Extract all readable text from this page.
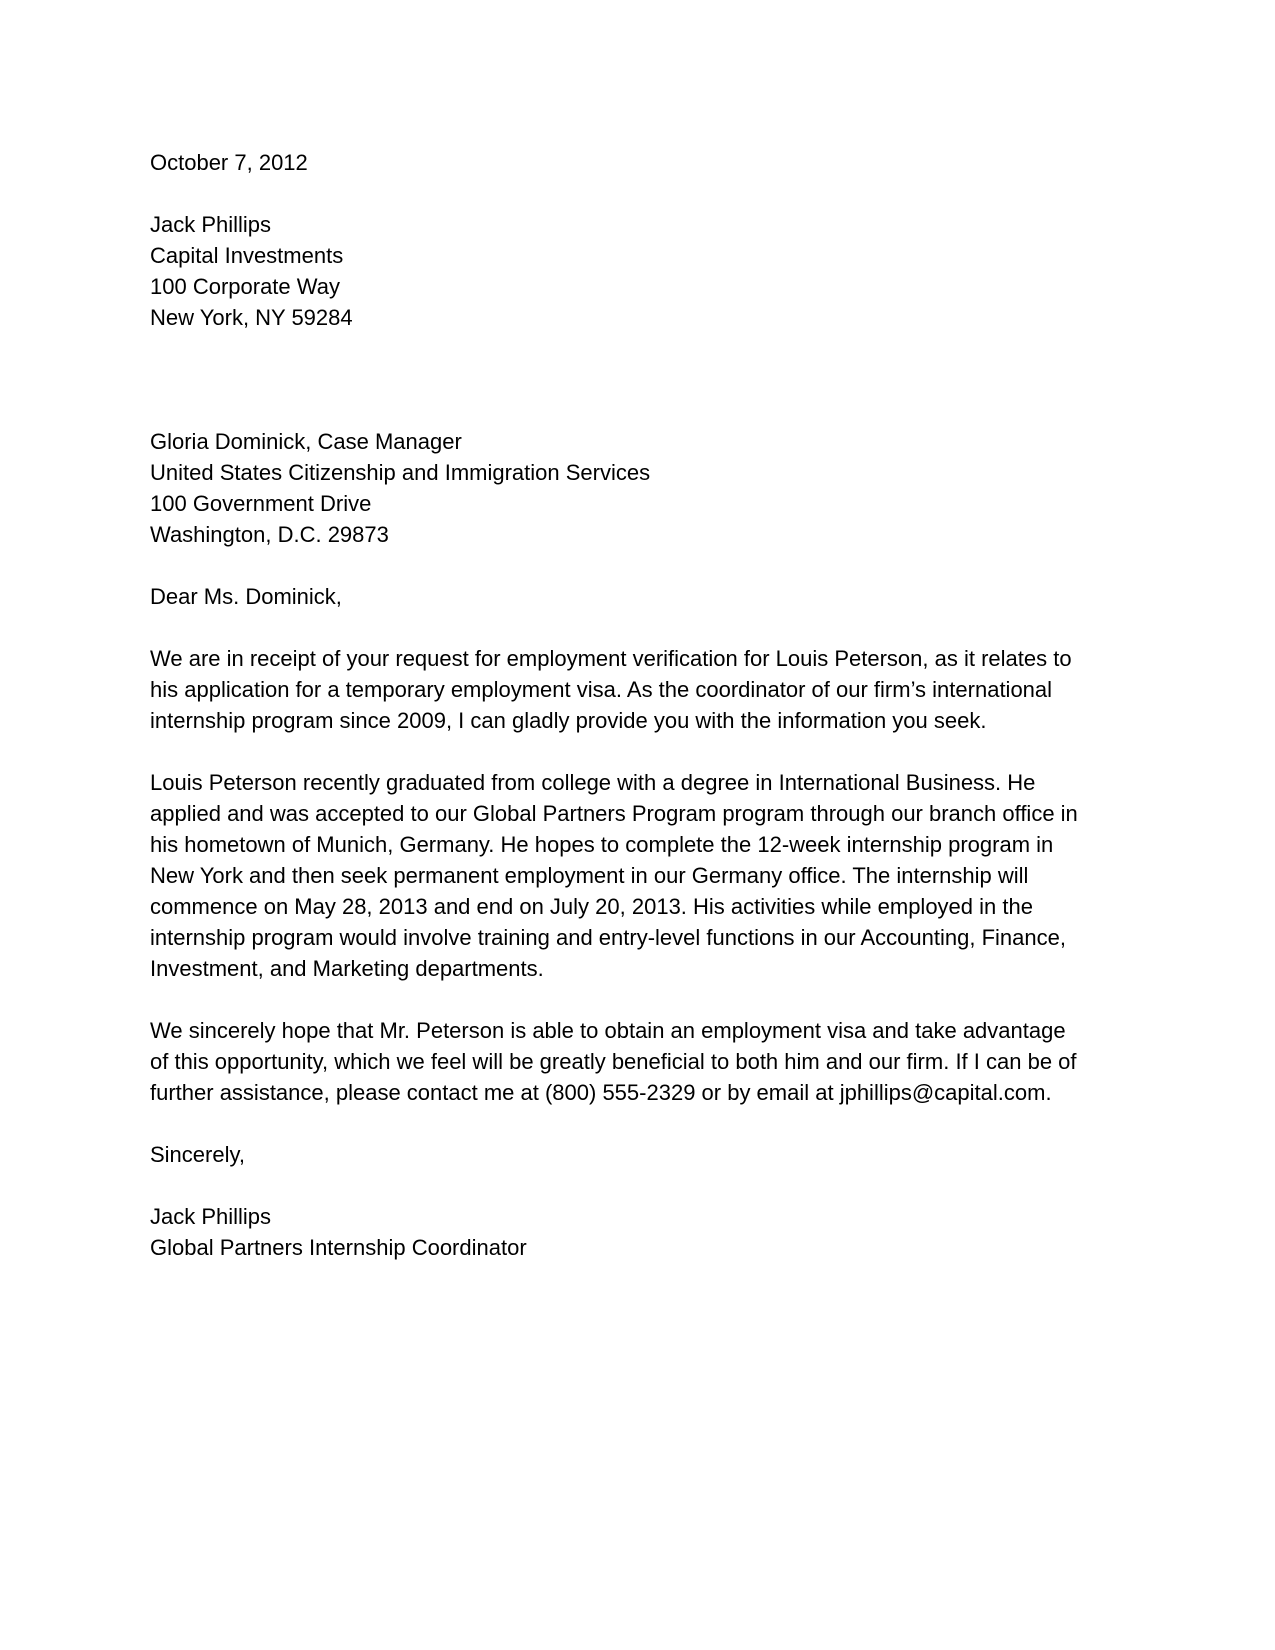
October 7, 2012
Jack Phillips
Capital Investments
100 Corporate Way
New York, NY 59284
Gloria Dominick, Case Manager
United States Citizenship and Immigration Services
100 Government Drive
Washington, D.C. 29873
Dear Ms. Dominick,
We are in receipt of your request for employment verification for Louis Peterson, as it relates to
his application for a temporary employment visa. As the coordinator of our firm’s international
internship program since 2009, I can gladly provide you with the information you seek.
Louis Peterson recently graduated from college with a degree in International Business. He
applied and was accepted to our Global Partners Program program through our branch office in
his hometown of Munich, Germany. He hopes to complete the 12-week internship program in
New York and then seek permanent employment in our Germany office. The internship will
commence on May 28, 2013 and end on July 20, 2013. His activities while employed in the
internship program would involve training and entry-level functions in our Accounting, Finance,
Investment, and Marketing departments.
We sincerely hope that Mr. Peterson is able to obtain an employment visa and take advantage
of this opportunity, which we feel will be greatly beneficial to both him and our firm. If I can be of
further assistance, please contact me at (800) 555-2329 or by email at jphillips@capital.com.
Sincerely,
Jack Phillips
Global Partners Internship Coordinator
